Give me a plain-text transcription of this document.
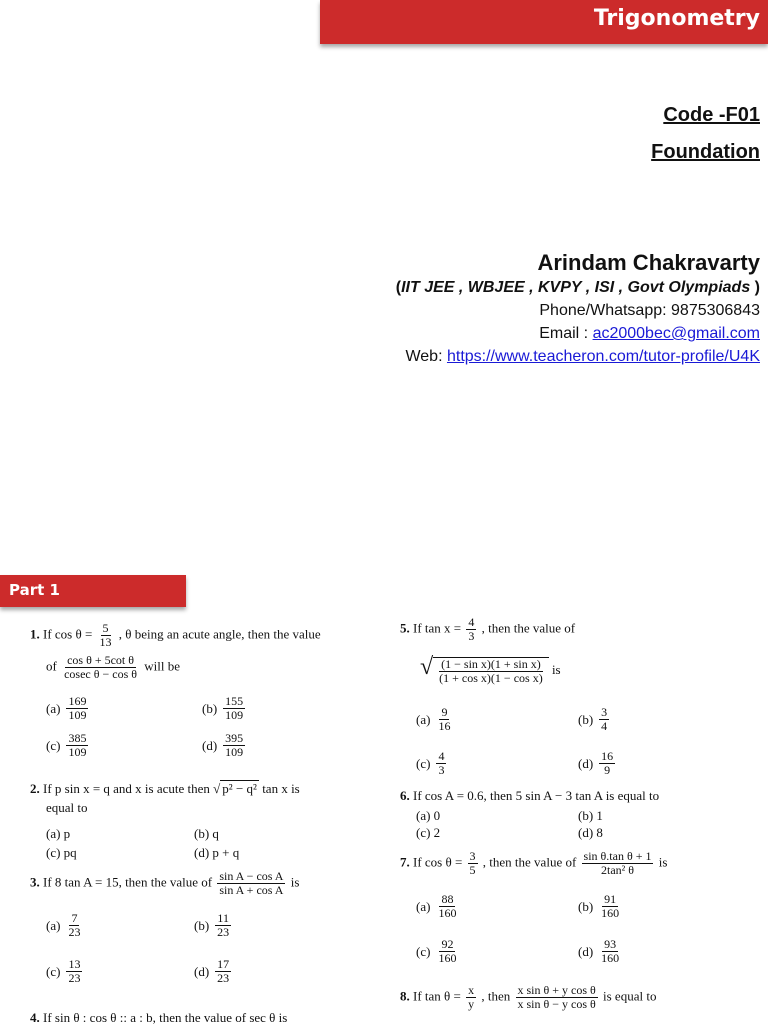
Trigonometry
Code -F01
Foundation
Arindam Chakravarty
(IIT JEE , WBJEE , KVPY , ISI , Govt Olympiads )
Phone/Whatsapp: 9875306843
Email : ac2000bec@gmail.com
Web: https://www.teacheron.com/tutor-profile/U4K
Part 1
1. If $\cos \theta = \frac{5}{13}$ , θ being an acute angle, then the value
of $\frac{\text{cos θ + 5cot θ}}{\text{cosec θ − cos θ}}$ will be
(a) 169
109	(b) 155
109
(c) 385
109	(d) 395
109
2. If p sin x = q and x is acute then √ p² − q² tan x is
equal to
(a) p	(b) q
(c) pq	(d) p + q
3. If 8 tan A = 15, then the value of $\frac{\text{sin A − cos A}}{\text{sin A + cos A}}$ is
(a) 7
23	(b) 11
23
(c) 13
23	(d) 17
23
4. If sin θ : cos θ :: a : b, then the value of sec θ is
5. If $\tan x = \frac{4}{3}$ , then the value of
√ (1 − sin x)(1 + sin x)
(1 + cos x)(1 − cos x)
is
(a) 9
16	(b) 3
4
(c) 4
3	(d) 16
9
6. If cos A = 0.6, then 5 sin A − 3 tan A is equal to
(a) 0	(b) 1
(c) 2	(d) 8
7. If $\cos \theta = \frac{3}{5}$ , then the value of $\frac{\text{sin θ.tan θ + 1}}{\text{2tan² θ}}$ is
(a) 88
160	(b) 91
160
(c) 92
160	(d) 93
160
8. If $\tan \theta = \frac{x}{y}$ , then $\frac{\text{x sin θ + y cos θ}}{\text{x sin θ − y cos θ}}$ is equal to
